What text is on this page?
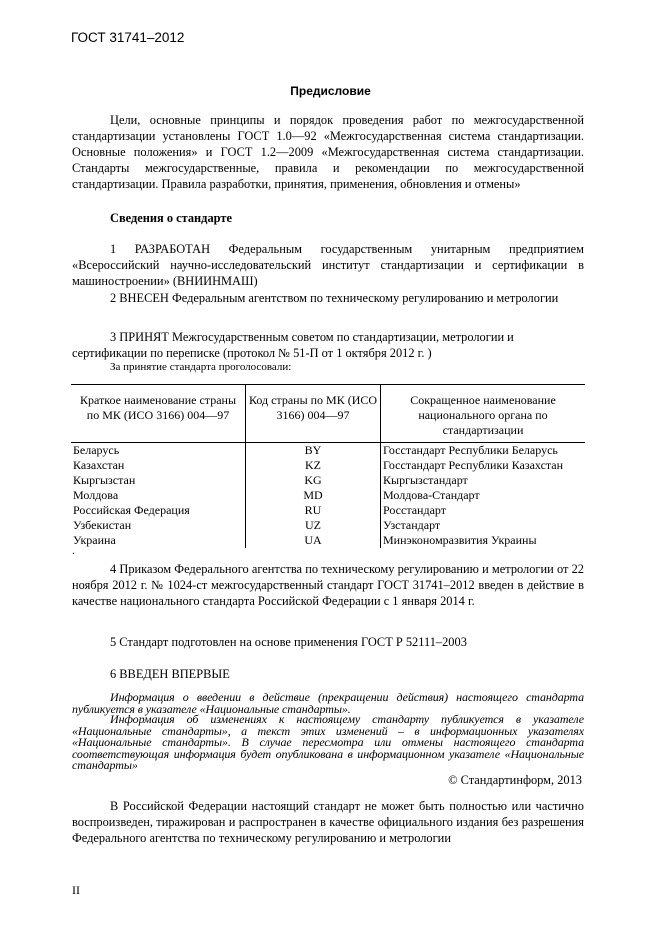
ГОСТ 31741–2012
Предисловие

Цели, основные принципы и порядок проведения работ по межгосударственной стандартизации установлены ГОСТ 1.0—92 «Межгосударственная система стандартизации. Основные положения» и ГОСТ 1.2—2009 «Межгосударственная система стандартизации. Стандарты межгосударственные, правила и рекомендации по межгосударственной стандартизации. Правила разработки, принятия, применения, обновления и отмены»

Сведения о стандарте

1 РАЗРАБОТАН Федеральным государственным унитарным предприятием «Всероссийский научно-исследовательский институт стандартизации и сертификации в машиностроении» (ВНИИНМАШ)

2 ВНЕСЕН Федеральным агентством по техническому регулированию и метрологии

3 ПРИНЯТ Межгосударственным советом по стандартизации, метрологии и сертификации по переписке (протокол № 51-П от 1 октября 2012 г. )

За принятие стандарта проголосовали:

Краткое наименование страны по МК (ИСО 3166) 004—97	Код страны по МК (ИСО 3166) 004—97	Сокращенное наименование национального органа по стандартизации
Беларусь	BY	Госстандарт Республики Беларусь
Казахстан	KZ	Госстандарт Республики Казахстан
Кыргызстан	KG	Кыргызстандарт
Молдова	MD	Молдова-Стандарт
Российская Федерация	RU	Росстандарт
Узбекистан	UZ	Узстандарт
Украина	UA	Минэкономразвития Украины
.

4 Приказом Федерального агентства по техническому регулированию и метрологии от 22 ноября 2012 г. № 1024-ст межгосударственный стандарт ГОСТ 31741–2012 введен в действие в качестве национального стандарта Российской Федерации с 1 января 2014 г.

5 Стандарт подготовлен на основе применения ГОСТ Р 52111–2003

6 ВВЕДЕН ВПЕРВЫЕ

Информация о введении в действие (прекращении действия) настоящего стандарта публикуется в указателе «Национальные стандарты».

Информация об изменениях к настоящему стандарту публикуется в указателе «Национальные стандарты», а текст этих изменений – в информационных указателях «Национальные стандарты». В случае пересмотра или отмены настоящего стандарта соответствующая информация будет опубликована в информационном указателе «Национальные стандарты»

© Стандартинформ, 2013

В Российской Федерации настоящий стандарт не может быть полностью или частично воспроизведен, тиражирован и распространен в качестве официального издания без разрешения Федерального агентства по техническому регулированию и метрологии

II
